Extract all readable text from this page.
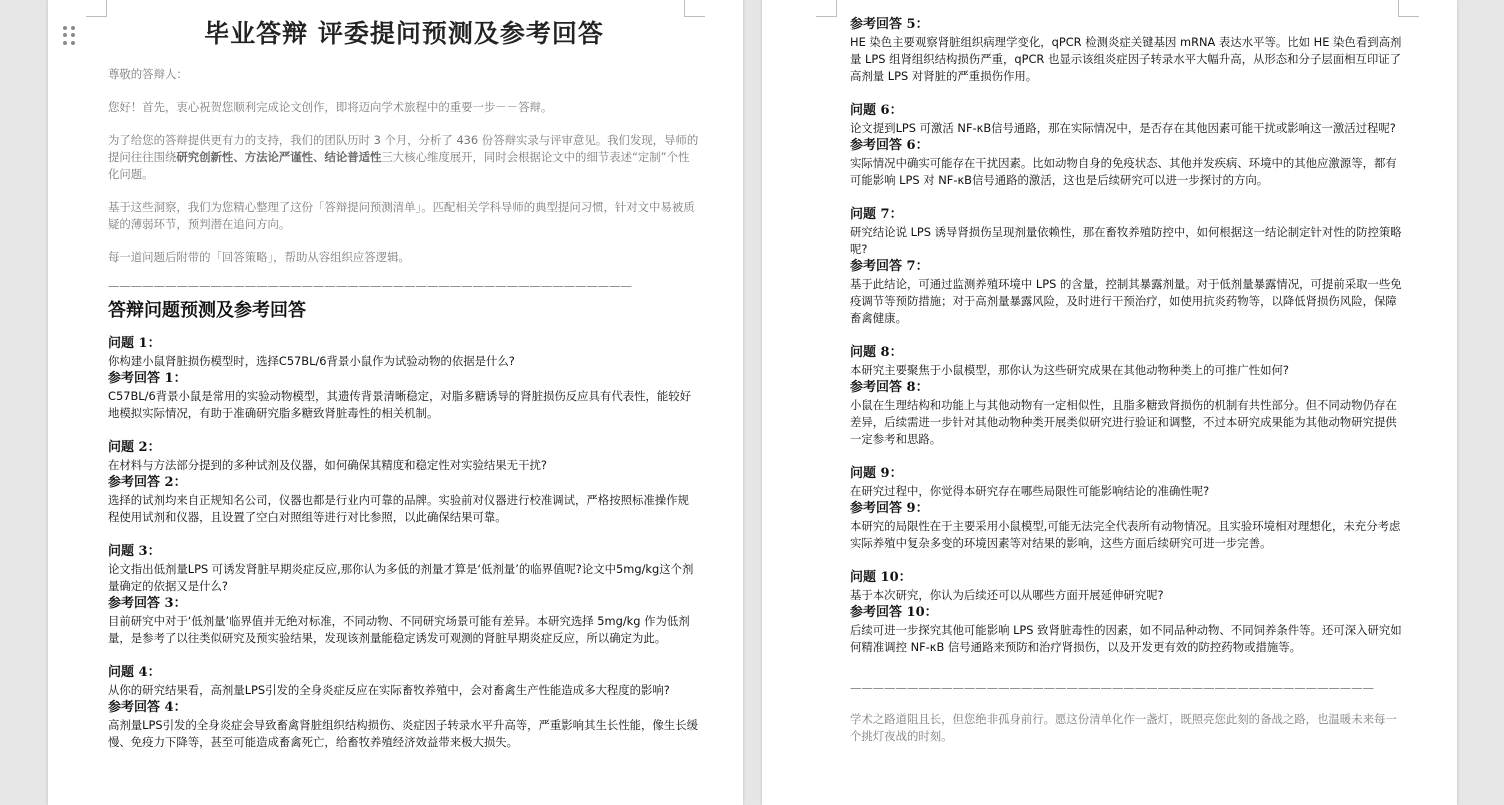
毕业答辩 评委提问预测及参考回答

尊敬的答辩人：

您好！首先，衷心祝贺您顺利完成论文创作，即将迈向学术旅程中的重要一步－－答辩。

为了给您的答辩提供更有力的支持，我们的团队历时 3 个月，分析了 436 份答辩实录与评审意见。我们发现，导师的提问往往围绕研究创新性、方法论严谨性、结论普适性三大核心维度展开，同时会根据论文中的细节表述“定制”个性化问题。

基于这些洞察，我们为您精心整理了这份「答辩提问预测清单」。匹配相关学科导师的典型提问习惯，针对文中易被质疑的薄弱环节，预判潜在追问方向。

每一道问题后附带的「回答策略」，帮助从容组织应答逻辑。

——————————————————————————————————————————————
答辩问题预测及参考回答
问题 1：

你构建小鼠肾脏损伤模型时，选择C57BL/6背景小鼠作为试验动物的依据是什么?

参考回答 1：

C57BL/6背景小鼠是常用的实验动物模型，其遗传背景清晰稳定，对脂多糖诱导的肾脏损伤反应具有代表性，能较好地模拟实际情况，有助于准确研究脂多糖致肾脏毒性的相关机制。

问题 2：

在材料与方法部分提到的多种试剂及仪器，如何确保其精度和稳定性对实验结果无干扰?

参考回答 2：

选择的试剂均来自正规知名公司，仪器也都是行业内可靠的品牌。实验前对仪器进行校准调试，严格按照标准操作规程使用试剂和仪器，且设置了空白对照组等进行对比参照，以此确保结果可靠。

问题 3：

论文指出低剂量LPS 可诱发肾脏早期炎症反应,那你认为多低的剂量才算是‘低剂量’的临界值呢?论文中5mg/kg这个剂量确定的依据又是什么?

参考回答 3：

目前研究中对于‘低剂量’临界值并无绝对标准，不同动物、不同研究场景可能有差异。本研究选择 5mg/kg 作为低剂量，是参考了以往类似研究及预实验结果，发现该剂量能稳定诱发可观测的肾脏早期炎症反应，所以确定为此。

问题 4：

从你的研究结果看，高剂量LPS引发的全身炎症反应在实际畜牧养殖中，会对畜禽生产性能造成多大程度的影响?

参考回答 4：

高剂量LPS引发的全身炎症会导致畜禽肾脏组织结构损伤、炎症因子转录水平升高等，严重影响其生长性能，像生长缓慢、免疫力下降等，甚至可能造成畜禽死亡，给畜牧养殖经济效益带来极大损失。

参考回答 5：

HE 染色主要观察肾脏组织病理学变化，qPCR 检测炎症关键基因 mRNA 表达水平等。比如 HE 染色看到高剂量 LPS 组肾组织结构损伤严重，qPCR 也显示该组炎症因子转录水平大幅升高，从形态和分子层面相互印证了高剂量 LPS 对肾脏的严重损伤作用。

问题 6：

论文提到LPS 可激活 NF-κB信号通路，那在实际情况中，是否存在其他因素可能干扰或影响这一激活过程呢?

参考回答 6：

实际情况中确实可能存在干扰因素。比如动物自身的免疫状态、其他并发疾病、环境中的其他应激源等，都有可能影响 LPS 对 NF-κB信号通路的激活，这也是后续研究可以进一步探讨的方向。

问题 7：

研究结论说 LPS 诱导肾损伤呈现剂量依赖性，那在畜牧养殖防控中，如何根据这一结论制定针对性的防控策略呢?

参考回答 7：

基于此结论，可通过监测养殖环境中 LPS 的含量，控制其暴露剂量。对于低剂量暴露情况，可提前采取一些免疫调节等预防措施；对于高剂量暴露风险，及时进行干预治疗，如使用抗炎药物等，以降低肾损伤风险，保障畜禽健康。

问题 8：

本研究主要聚焦于小鼠模型，那你认为这些研究成果在其他动物种类上的可推广性如何?

参考回答 8：

小鼠在生理结构和功能上与其他动物有一定相似性，且脂多糖致肾损伤的机制有共性部分。但不同动物仍存在差异，后续需进一步针对其他动物种类开展类似研究进行验证和调整，不过本研究成果能为其他动物研究提供一定参考和思路。

问题 9：

在研究过程中，你觉得本研究存在哪些局限性可能影响结论的准确性呢?

参考回答 9：

本研究的局限性在于主要采用小鼠模型,可能无法完全代表所有动物情况。且实验环境相对理想化，未充分考虑实际养殖中复杂多变的环境因素等对结果的影响，这些方面后续研究可进一步完善。

问题 10：

基于本次研究，你认为后续还可以从哪些方面开展延伸研究呢?

参考回答 10：

后续可进一步探究其他可能影响 LPS 致肾脏毒性的因素，如不同品种动物、不同饲养条件等。还可深入研究如何精准调控 NF-κB 信号通路来预防和治疗肾损伤，以及开发更有效的防控药物或措施等。

——————————————————————————————————————————————

学术之路道阻且长，但您绝非孤身前行。愿这份清单化作一盏灯，既照亮您此刻的备战之路，也温暖未来每一个挑灯夜战的时刻。
